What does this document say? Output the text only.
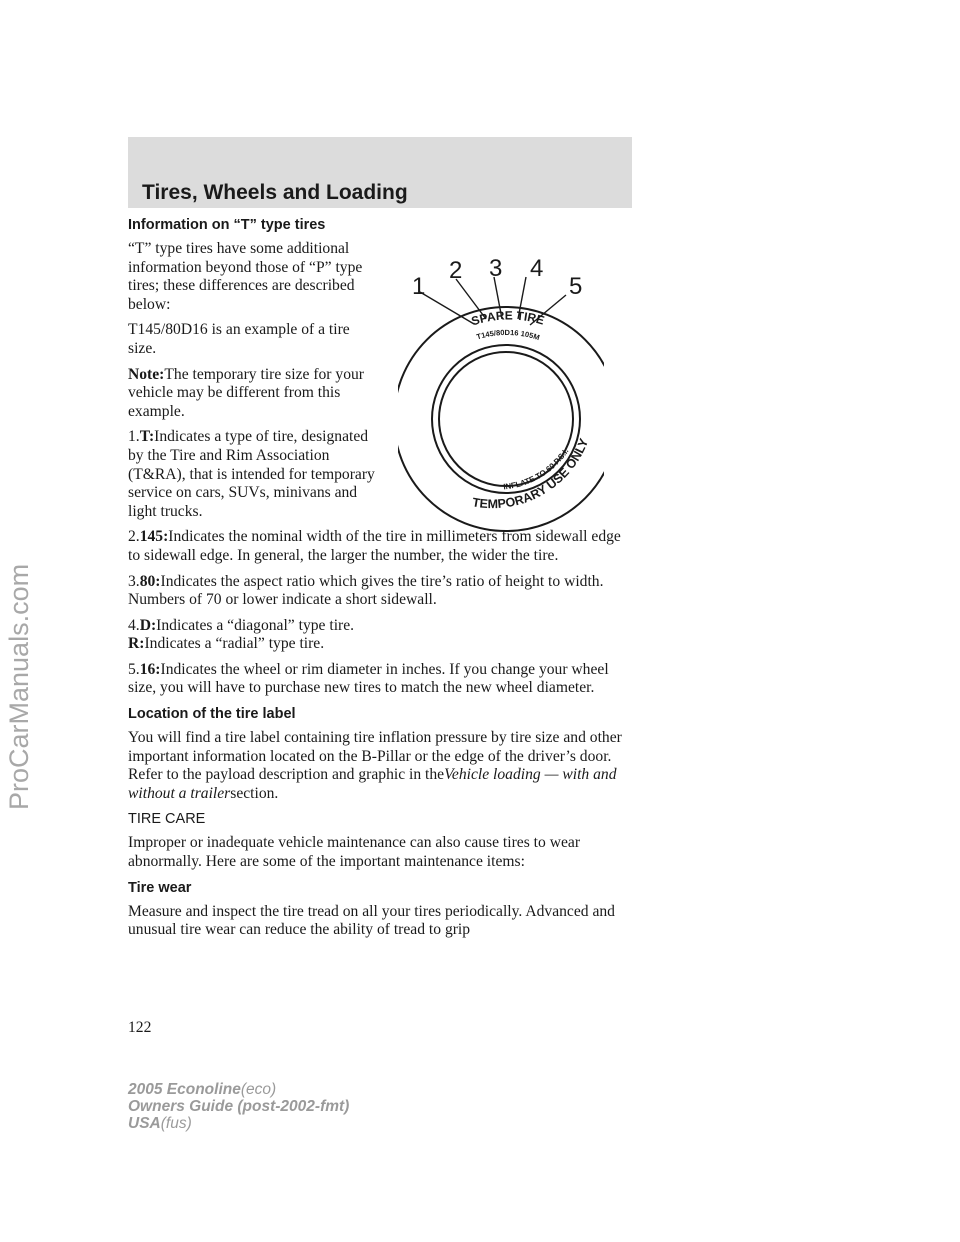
Tires, Wheels and Loading
ProCarManuals.com
1
2 3 4
5
SPARE TIRE
T145/80D16 105M
TEMPORARY USE ONLY
INFLATE TO 60 P.S.I.
Information on “T” type tires

“T” type tires have some additional information beyond those of “P” type tires; these differences are described below:

T145/80D16 is an example of a tire size.

Note:The temporary tire size for your vehicle may be different from this example.

1.T:Indicates a type of tire, designated by the Tire and Rim Association (T&RA), that is intended for temporary service on cars, SUVs, minivans and light trucks.

2.145:Indicates the nominal width of the tire in millimeters from sidewall edge to sidewall edge. In general, the larger the number, the wider the tire.

3.80:Indicates the aspect ratio which gives the tire’s ratio of height to width. Numbers of 70 or lower indicate a short sidewall.

4.D:Indicates a “diagonal” type tire.
R:Indicates a “radial” type tire.

5.16:Indicates the wheel or rim diameter in inches. If you change your wheel size, you will have to purchase new tires to match the new wheel diameter.

Location of the tire label

You will find a tire label containing tire inflation pressure by tire size and other important information located on the B-Pillar or the edge of the driver’s door. Refer to the payload description and graphic in theVehicle loading — with and without a trailersection.

TIRE CARE

Improper or inadequate vehicle maintenance can also cause tires to wear abnormally. Here are some of the important maintenance items:

Tire wear

Measure and inspect the tire tread on all your tires periodically. Advanced and unusual tire wear can reduce the ability of tread to grip

122
2005 Econoline(eco)
Owners Guide (post-2002-fmt)
USA(fus)
